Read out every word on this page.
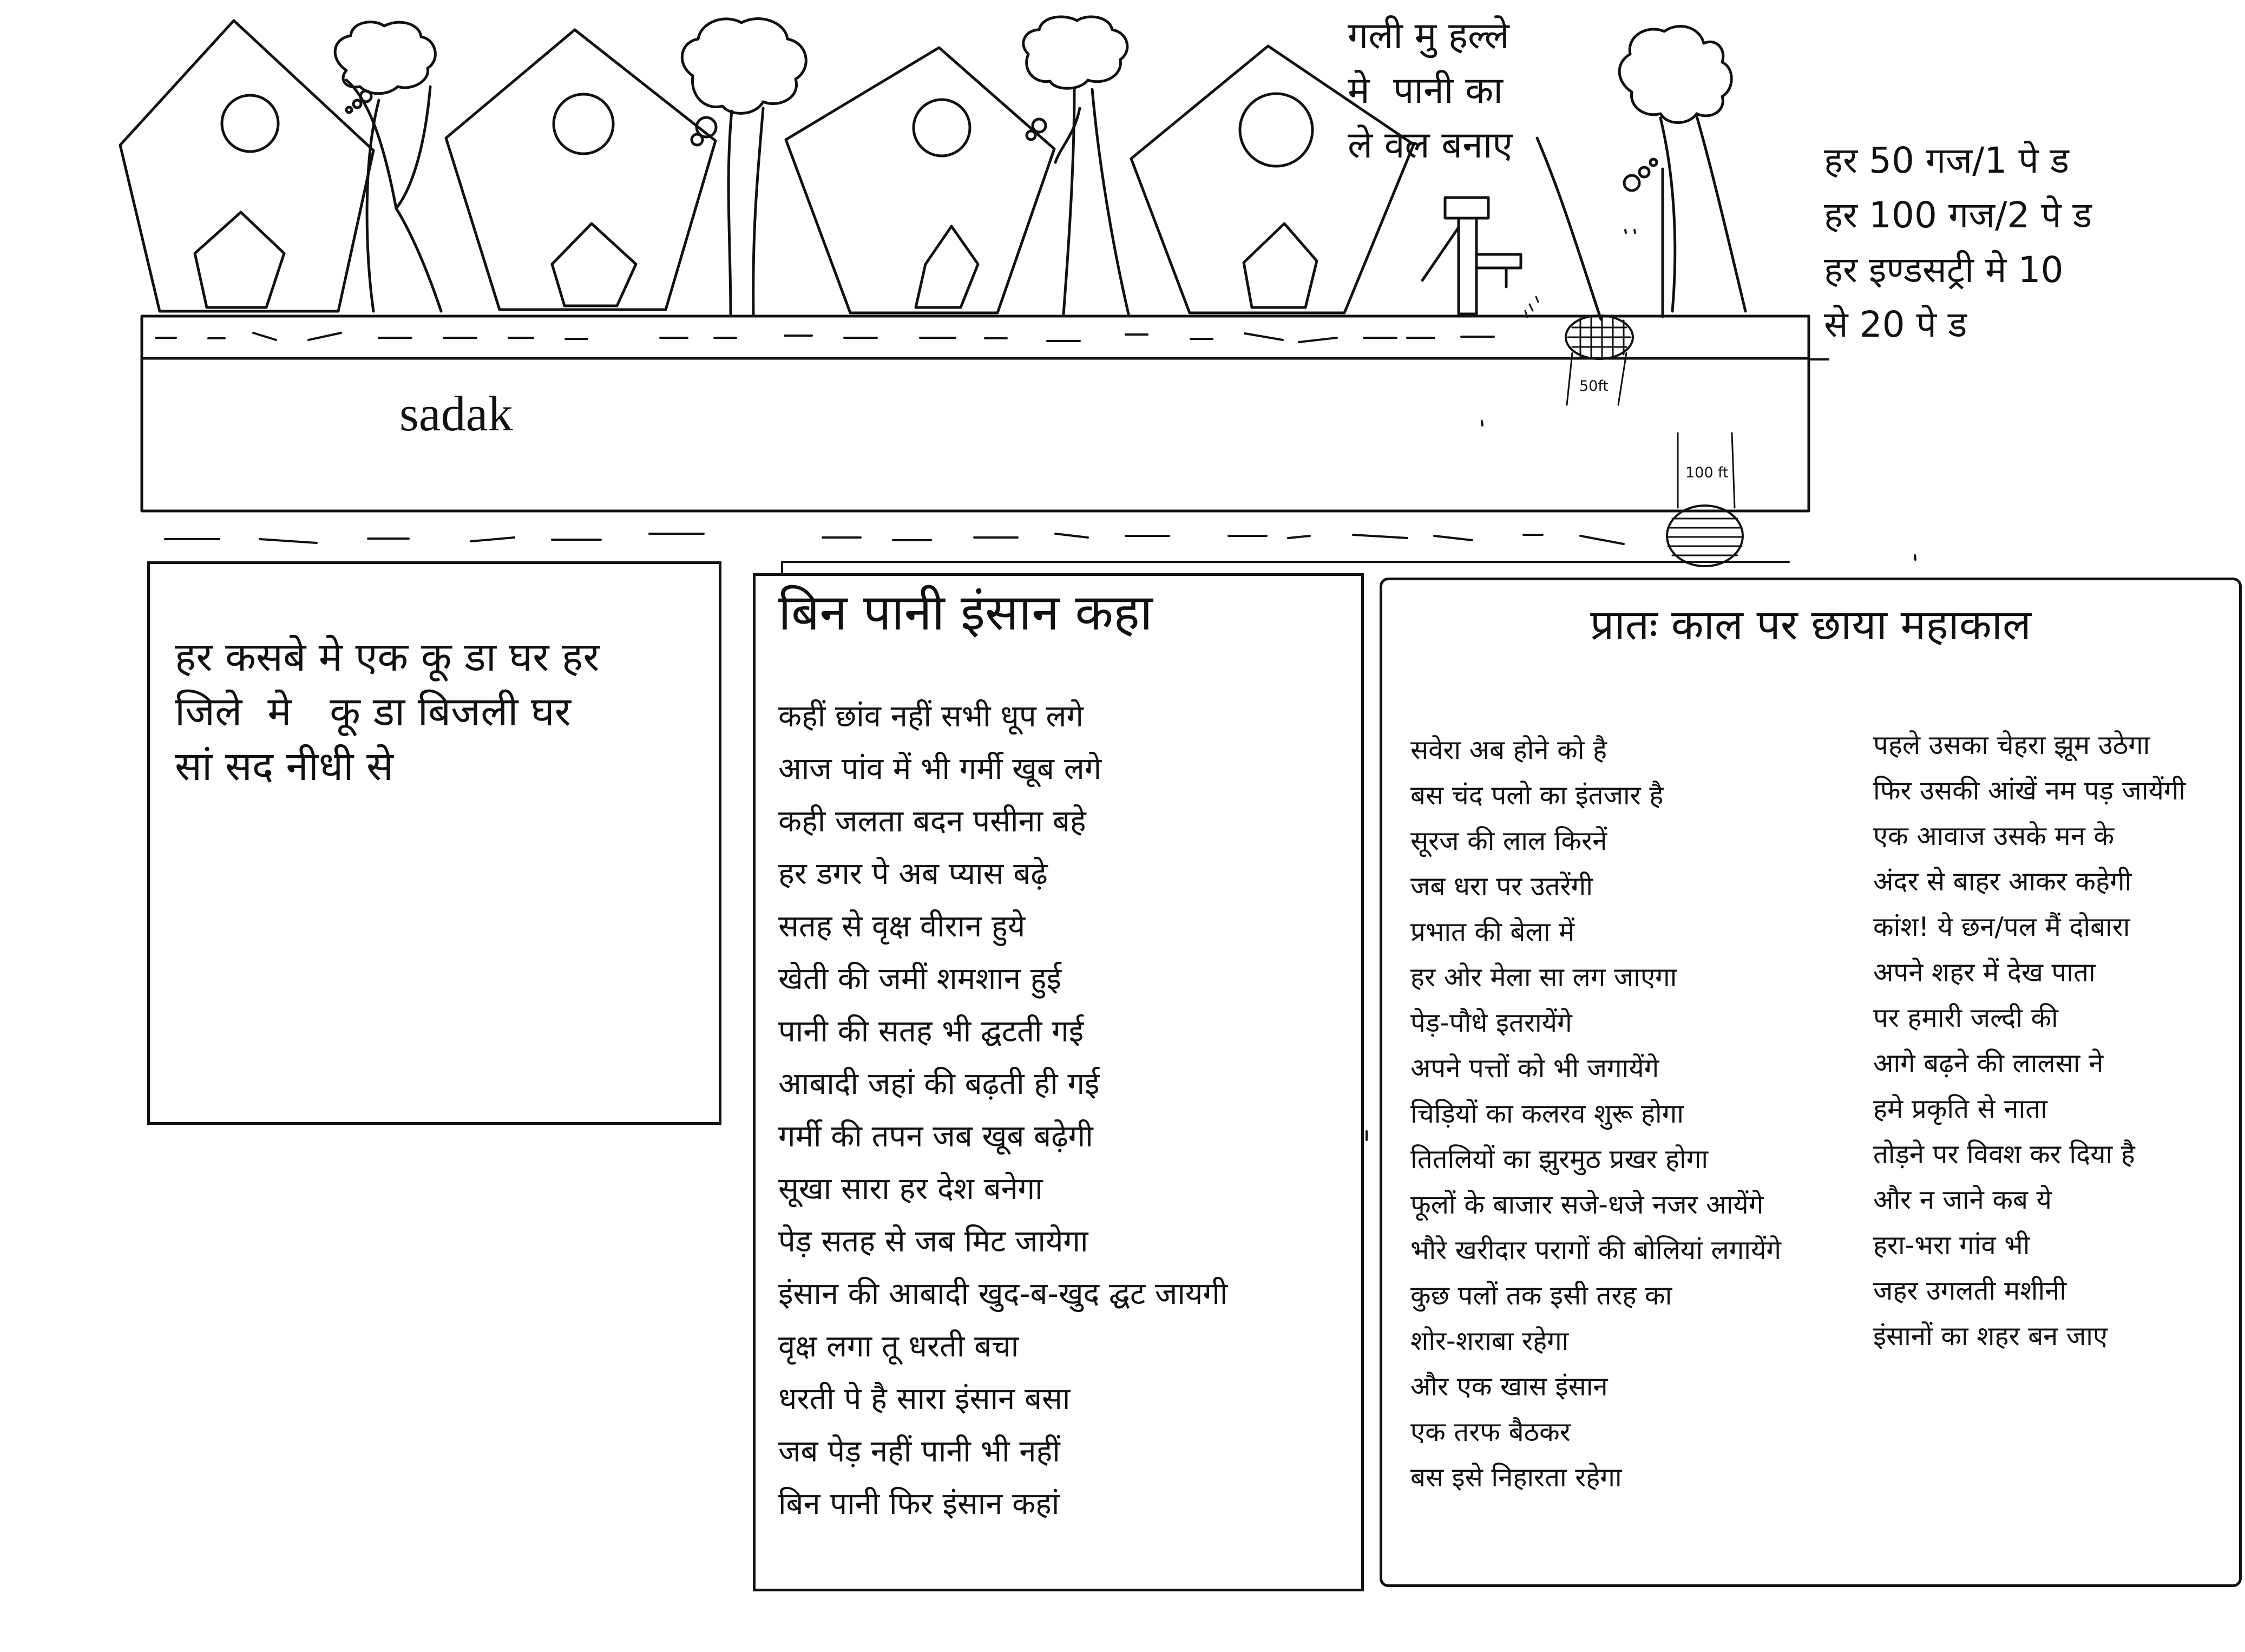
गली मु हल्ले
मे  पानी का
ले वल बनाए	हर 50 गज/1 पे ड
हर 100 गज/2 पे ड
हर इण्डसट्री मे 10
से 20 पे ड
sadak	50ft
100 ft
हर कसबे मे एक कू डा घर हर
जिले  मे   कू डा बिजली घर
सां सद नीधी से
बिन पानी इंसान कहा
कहीं छांव नहीं सभी धूप लगे
आज पांव में भी गर्मी खूब लगे
कही जलता बदन पसीना बहे
हर डगर पे अब प्यास बढ़े
सतह से वृक्ष वीरान हुये
खेती की जमीं शमशान हुई
पानी की सतह भी द्घटती गई
आबादी जहां की बढ़ती ही गई
गर्मी की तपन जब खूब बढ़ेगी
सूखा सारा हर देश बनेगा
पेड़ सतह से जब मिट जायेगा
इंसान की आबादी खुद-ब-खुद द्घट जायगी
वृक्ष लगा तू धरती बचा
धरती पे है सारा इंसान बसा
जब पेड़ नहीं पानी भी नहीं
बिन पानी फिर इंसान कहां
प्रातः काल पर छाया महाकाल
सवेरा अब होने को है
बस चंद पलो का इंतजार है
सूरज की लाल किरनें
जब धरा पर उतरेंगी
प्रभात की बेला में
हर ओर मेला सा लग जाएगा
पेड़-पौधे इतरायेंगे
अपने पत्तों को भी जगायेंगे
चिड़ियों का कलरव शुरू होगा
तितलियों का झुरमुठ प्रखर होगा
फूलों के बाजार सजे-धजे नजर आयेंगे
भौरे खरीदार परागों की बोलियां लगायेंगे
कुछ पलों तक इसी तरह का
शोर-शराबा रहेगा
और एक खास इंसान
एक तरफ बैठकर
बस इसे निहारता रहेगा
पहले उसका चेहरा झूम उठेगा
फिर उसकी आंखें नम पड़ जायेंगी
एक आवाज उसके मन के
अंदर से बाहर आकर कहेगी
कांश! ये छन/पल मैं दोबारा
अपने शहर में देख पाता
पर हमारी जल्दी की
आगे बढ़ने की लालसा ने
हमे प्रकृति से नाता
तोड़ने पर विवश कर दिया है
और न जाने कब ये
हरा-भरा गांव भी
जहर उगलती मशीनी
इंसानों का शहर बन जाए
